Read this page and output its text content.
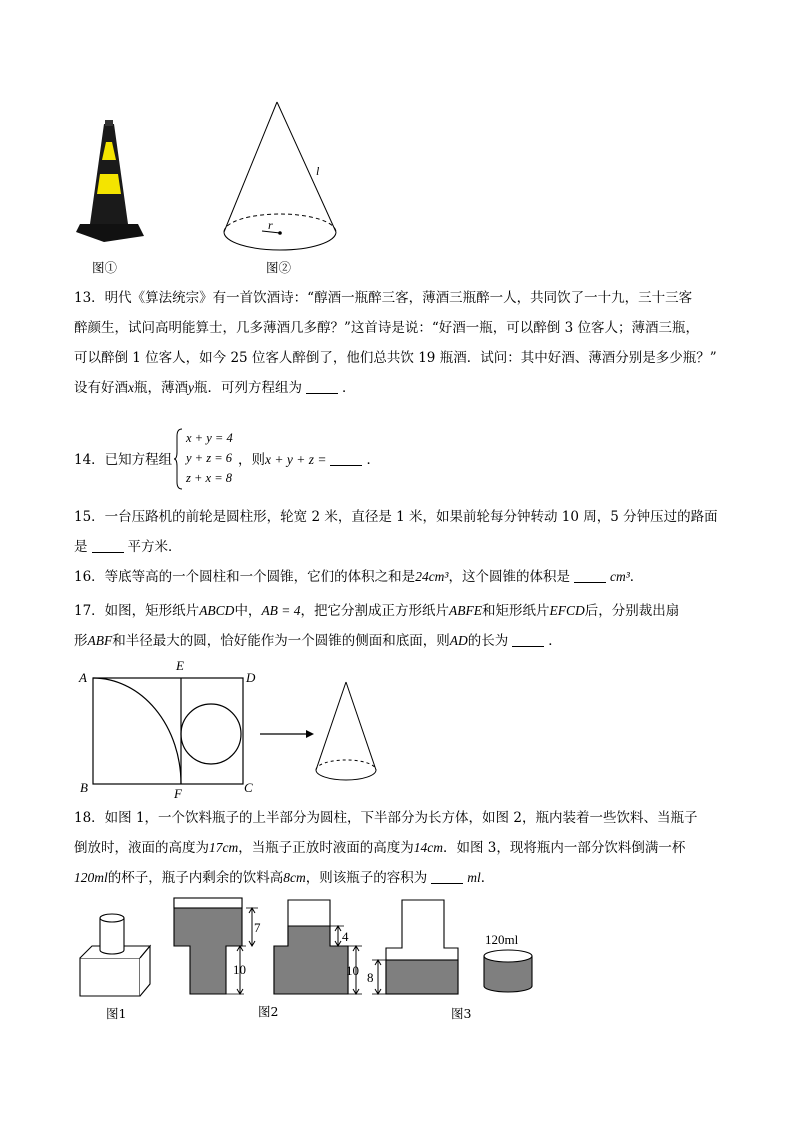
图①
l
r
图②
13．明代《算法统宗》有一首饮酒诗：“醇酒一瓶醉三客，薄酒三瓶醉一人，共同饮了一十九，三十三客
醉颜生，试问高明能算士，几多薄酒几多醇？”这首诗是说：“好酒一瓶，可以醉倒 3 位客人；薄酒三瓶，
可以醉倒 1 位客人，如今 25 位客人醉倒了，他们总共饮 19 瓶酒．试问：其中好酒、薄酒分别是多少瓶？”
设有好酒x瓶，薄酒y瓶．可列方程组为	．
14．已知方程组
x + y = 4
y + z = 6
z + x = 8
，则x + y + z =	．
15．一台压路机的前轮是圆柱形，轮宽 2 米，直径是 1 米，如果前轮每分钟转动 10 周，5 分钟压过的路面
是	平方米．
16．等底等高的一个圆柱和一个圆锥，它们的体积之和是24cm³，这个圆锥的体积是	cm³．
17．如图，矩形纸片ABCD中，AB = 4，把它分割成正方形纸片ABFE和矩形纸片EFCD后，分别裁出扇
形ABF和半径最大的圆，恰好能作为一个圆锥的侧面和底面，则AD的长为	．
A
E
D
B	F	C
18．如图 1，一个饮料瓶子的上半部分为圆柱，下半部分为长方体，如图 2，瓶内装着一些饮料、当瓶子
倒放时，液面的高度为17cm，当瓶子正放时液面的高度为14cm．如图 3，现将瓶内一部分饮料倒满一杯
120ml的杯子，瓶子内剩余的饮料高8cm，则该瓶子的容积为	ml．
图1
7
10
图2
4
10 8
图3
120ml
